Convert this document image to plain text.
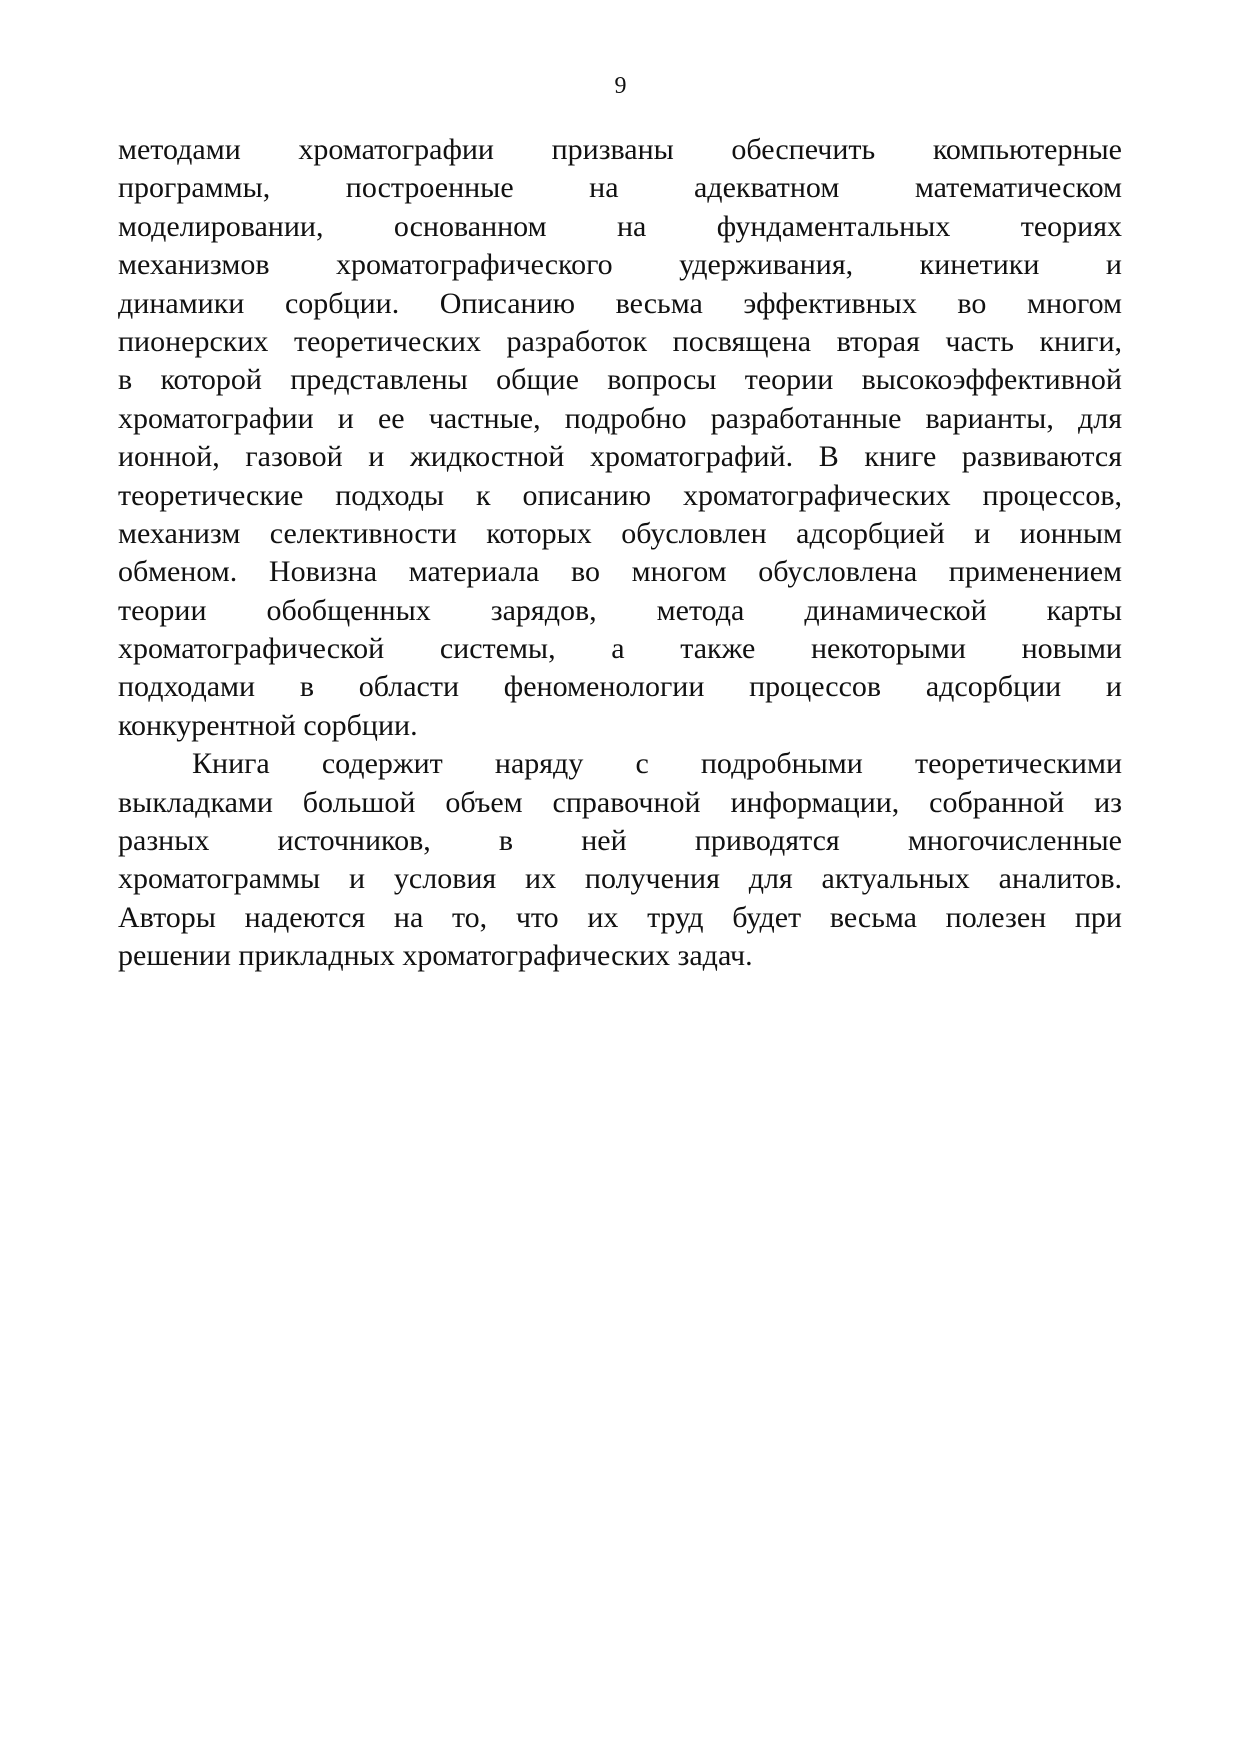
9
методами хроматографии призваны обеспечить компьютерные
программы, построенные на адекватном математическом
моделировании, основанном на фундаментальных теориях
механизмов хроматографического удерживания, кинетики и
динамики сорбции. Описанию весьма эффективных во многом
пионерских теоретических разработок посвящена вторая часть книги,
в которой представлены общие вопросы теории высокоэффективной
хроматографии и ее частные, подробно разработанные варианты, для
ионной, газовой и жидкостной хроматографий. В книге развиваются
теоретические подходы к описанию хроматографических процессов,
механизм селективности которых обусловлен адсорбцией и ионным
обменом. Новизна материала во многом обусловлена применением
теории обобщенных зарядов, метода динамической карты
хроматографической системы, а также некоторыми новыми
подходами в области феноменологии процессов адсорбции и
конкурентной сорбции.
Книга содержит наряду с подробными теоретическими
выкладками большой объем справочной информации, собранной из
разных источников, в ней приводятся многочисленные
хроматограммы и условия их получения для актуальных аналитов.
Авторы надеются на то, что их труд будет весьма полезен при
решении прикладных хроматографических задач.
